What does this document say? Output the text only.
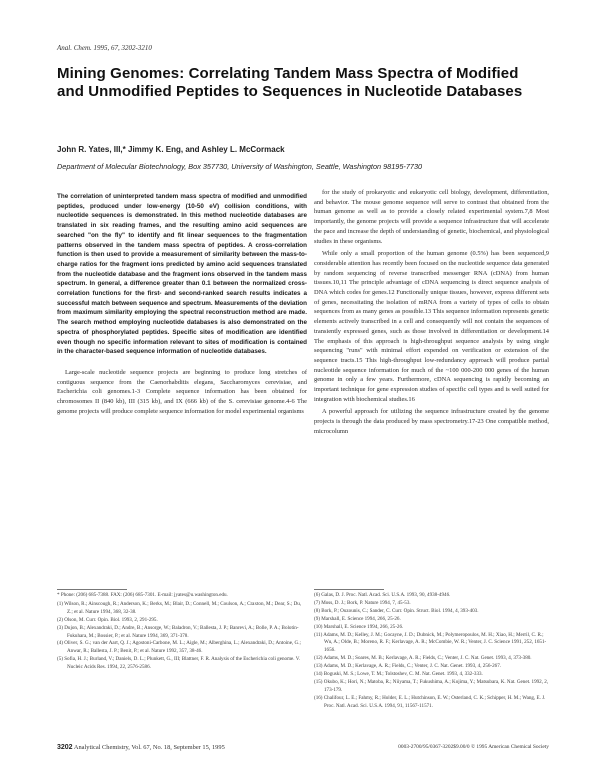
Anal. Chem. 1995, 67, 3202-3210
Mining Genomes: Correlating Tandem Mass Spectra of Modified and Unmodified Peptides to Sequences in Nucleotide Databases
John R. Yates, III,* Jimmy K. Eng, and Ashley L. McCormack
Department of Molecular Biotechnology, Box 357730, University of Washington, Seattle, Washington 98195-7730

The correlation of uninterpreted tandem mass spectra of modified and unmodified peptides, produced under low-energy (10-50 eV) collision conditions, with nucleotide sequences is demonstrated. In this method nucleotide databases are translated in six reading frames, and the resulting amino acid sequences are searched "on the fly" to identify and fit linear sequences to the fragmentation patterns observed in the tandem mass spectra of peptides. A cross-correlation function is then used to provide a measurement of similarity between the mass-to-charge ratios for the fragment ions predicted by amino acid sequences translated from the nucleotide database and the fragment ions observed in the tandem mass spectrum. In general, a difference greater than 0.1 between the normalized cross-correlation functions for the first- and second-ranked search results indicates a successful match between sequence and spectrum. Measurements of the deviation from maximum similarity employing the spectral reconstruction method are made. The search method employing nucleotide databases is also demonstrated on the spectra of phosphorylated peptides. Specific sites of modification are identified even though no specific information relevant to sites of modification is contained in the character-based sequence information of nucleotide databases.

Large-scale nucleotide sequence projects are beginning to produce long stretches of contiguous sequence from the Caenorhabditis elegans, Saccharomyces cerevisiae, and Escherichia coli genomes.1-3 Complete sequence information has been obtained for chromosomes II (840 kb), III (315 kb), and IX (666 kb) of the S. cerevisiae genome.4-6 The genome projects will produce complete sequence information for model experimental organisms

for the study of prokaryotic and eukaryotic cell biology, development, differentiation, and behavior. The mouse genome sequence will serve to contrast that obtained from the human genome as well as to provide a closely related experimental system.7,8 Most importantly, the genome projects will provide a sequence infrastructure that will accelerate the pace and increase the depth of understanding of genetic, biochemical, and physiological studies in these organisms.

While only a small proportion of the human genome (0.5%) has been sequenced,9 considerable attention has recently been focused on the nucleotide sequence data generated by random sequencing of reverse transcribed messenger RNA (cDNA) from human tissues.10,11 The principle advantage of cDNA sequencing is direct sequence analysis of DNA which codes for genes.12 Functionally unique tissues, however, express different sets of genes, necessitating the isolation of mRNA from a variety of types of cells to obtain sequences from as many genes as possible.13 This sequence information represents genetic elements actively transcribed in a cell and consequently will not contain the sequences of transiently expressed genes, such as those involved in differentiation or development.14 The emphasis of this approach is high-throughput sequence analysis by using single sequencing "runs" with minimal effort expended on verification or extension of the sequence tracts.15 This high-throughput low-redundancy approach will produce partial nucleotide sequence information for much of the ~100 000-200 000 genes of the human genome in only a few years. Furthermore, cDNA sequencing is rapidly becoming an important technique for gene expression studies of specific cell types and is well suited for integration with biochemical studies.16

A powerful approach for utilizing the sequence infrastructure created by the genome projects is through the data produced by mass spectrometry.17-23 One compatible method, microcolumn

* Phone: (206) 685-7388. FAX: (206) 685-7301. E-mail: jyates@u.washington.edu.

(1) Wilson, R.; Ainscough, R.; Anderson, K.; Berks, M.; Blair, D.; Connell, M.; Coulson, A.; Craxton, M.; Dear, S.; Du, Z.; et al. Nature 1994, 368, 32-38.

(2) Olson, M. Curr. Opin. Biol. 1993, 2, 291-295.

(3) Dujon, B.; Alexandraki, D.; Andre, B.; Ansorge, W.; Baladron, V.; Ballesta, J. P.; Banrevi, A.; Bolle, P. A.; Bolotin-Fukuhara, M.; Bossier, P.; et al. Nature 1994, 369, 371-378.

(4) Oliver, S. G.; van der Aart, Q. J.; Agostoni-Carbone, M. L.; Aigle, M.; Alberghina, L.; Alexandraki, D.; Antoine, G.; Anwar, R.; Ballesta, J. P.; Benit, P.; et al. Nature 1992, 357, 38-46.

(5) Sofia, H. J.; Burland, V.; Daniels, D. L.; Plunkett, G., III; Blattner, F. R. Analysis of the Escherichia coli genome. V. Nucleic Acids Res. 1994, 22, 2576-2586.

(6) Galas, D. J. Proc. Natl. Acad. Sci. U.S.A. 1993, 90, 4938-4946.

(7) Moss, D. J.; Bork, P. Nature 1994, 7, 45-53.

(8) Bork, P.; Ouzounis, C.; Sander, C. Curr. Opin. Struct. Biol. 1994, 4, 393-403.

(9) Marshall, E. Science 1994, 266, 25-26.

(10) Marshall, E. Science 1994, 266, 25-26.

(11) Adams, M. D.; Kelley, J. M.; Gocayne, J. D.; Dubnick, M.; Polymeropoulos, M. H.; Xiao, H.; Merril, C. R.; Wu, A.; Olde, B.; Moreno, R. F.; Kerlavage, A. R.; McCombie, W. R.; Venter, J. C. Science 1991, 252, 1651-1656.

(12) Adams, M. D.; Soares, M. B.; Kerlavage, A. R.; Fields, C.; Venter, J. C. Nat. Genet. 1993, 4, 373-380.

(13) Adams, M. D.; Kerlavage, A. R.; Fields, C.; Venter, J. C. Nat. Genet. 1993, 4, 256-267.

(14) Boguski, M. S.; Lowe, T. M.; Tolstoshev, C. M. Nat. Genet. 1993, 4, 332-333.

(15) Okubo, K.; Hori, N.; Matoba, R.; Niiyama, T.; Fukushima, A.; Kojima, Y.; Matsubara, K. Nat. Genet. 1992, 2, 173-179.

(16) Chalifour, L. E.; Fahmy, R.; Holder, E. L.; Hutchinson, E. W.; Osterland, C. K.; Schipper, H. M.; Wang, E. J. Proc. Natl. Acad. Sci. U.S.A. 1994, 91, 11567-11571.

3202 Analytical Chemistry, Vol. 67, No. 18, September 15, 1995	0003-2700/95/0367-3202$9.00/0 © 1995 American Chemical Society
